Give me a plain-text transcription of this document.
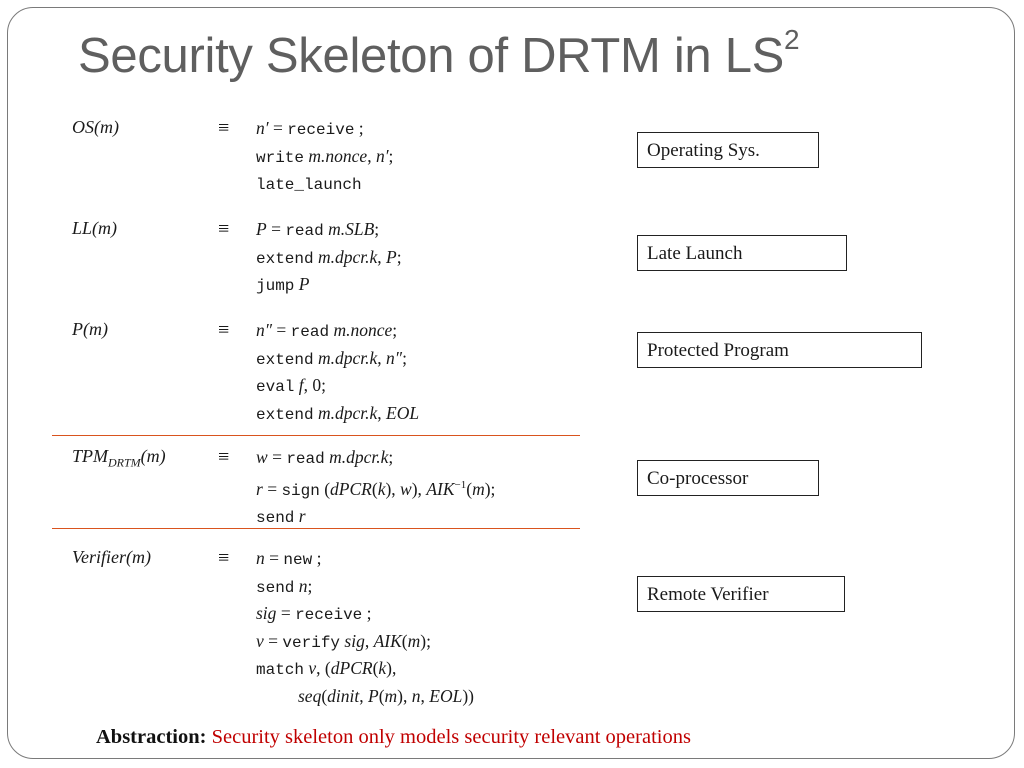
Security Skeleton of DRTM in $LS^2$
OS(m)	≡ n′ = receive ;
write m.nonce, n′;
late_launch
LL(m)	≡ P = read m.SLB;
extend m.dpcr.k, P;
jump P
P(m)	≡ n″ = read m.nonce;
extend m.dpcr.k, n″;
eval f, 0;
extend m.dpcr.k, EOL
$TPM_{DRTM}(m)$	≡ w = read m.dpcr.k;
r = sign (dPCR(k), w), $AIK^{-1}(m)$;
send r
Verifier(m)	≡ n = new ;
send n;
sig = receive ;
v = verify sig, AIK(m);
match v, (dPCR(k),
seq(dinit, P(m), n, EOL))
Operating Sys.
Late Launch
Protected Program
Co-processor
Remote Verifier
Abstraction: Security skeleton only models security relevant operations
